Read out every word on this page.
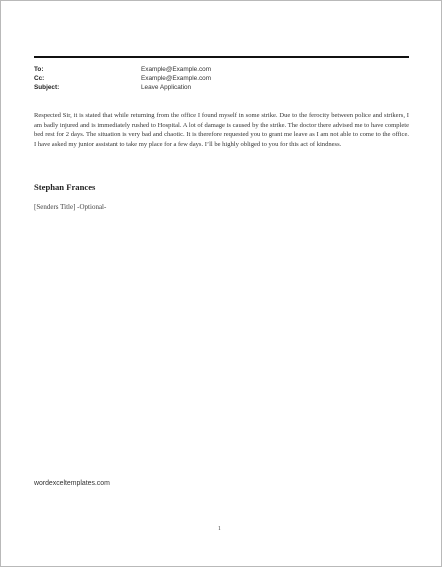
To:	Example@Example.com
Cc:	Example@Example.com
Subject:	Leave Application
Respected Sir, it is stated that while returning from the office I found myself in some strike. Due to the ferocity between police and strikers, I am badly injured and is immediately rushed to Hospital. A lot of damage is caused by the strike. The doctor there advised me to have complete bed rest for 2 days. The situation is very bad and chaotic. It is therefore requested you to grant me leave as I am not able to come to the office. I have asked my junior assistant to take my place for a few days. I’ll be highly obliged to you for this act of kindness.
Stephan Frances
[Senders Title] -Optional-
wordexceltemplates.com
1
